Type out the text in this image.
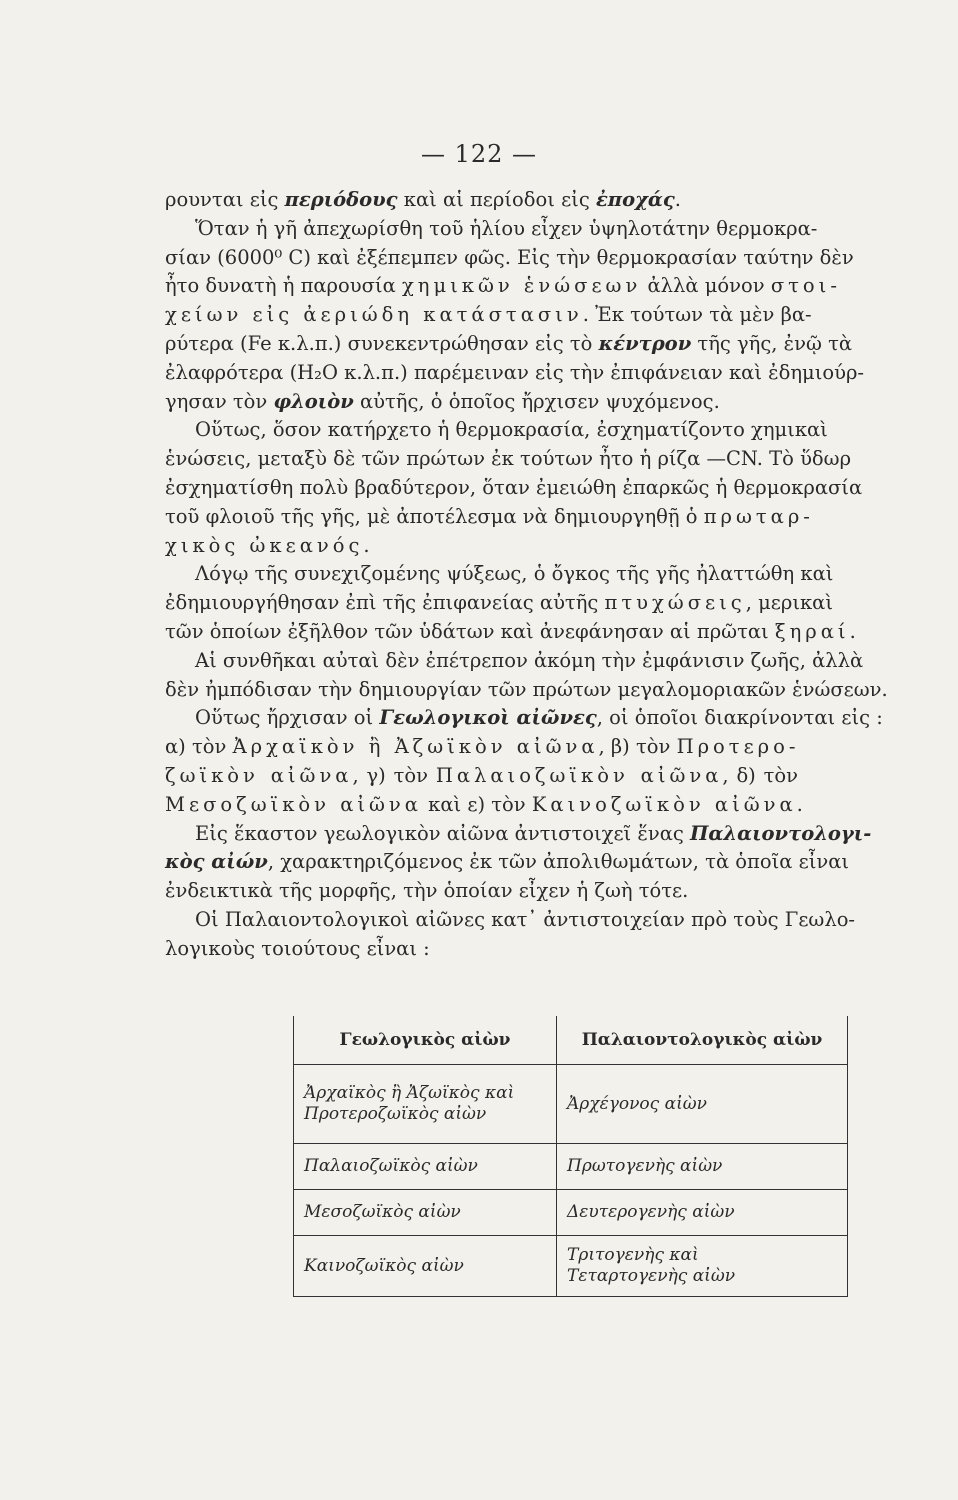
— 122 —
ρουνται εἰς περιόδους καὶ αἱ περίοδοι εἰς ἐποχάς.
Ὅταν ἡ γῆ ἀπεχωρίσθη τοῦ ἡλίου εἶχεν ὑψηλοτάτην θερμοκρα-
σίαν (6000⁰ C) καὶ ἐξέπεμπεν φῶς. Εἰς τὴν θερμοκρασίαν ταύτην δὲν
ἦτο δυνατὴ ἡ παρουσία χημικῶν ἑνώσεων ἀλλὰ μόνον στοι-
χείων εἰς ἀεριώδη κατάστασιν. Ἐκ τούτων τὰ μὲν βα-
ρύτερα (Fe κ.λ.π.) συνεκεντρώθησαν εἰς τὸ κέντρον τῆς γῆς, ἐνῷ τὰ
ἐλαφρότερα (H₂O κ.λ.π.) παρέμειναν εἰς τὴν ἐπιφάνειαν καὶ ἐδημιούρ-
γησαν τὸν φλοιὸν αὐτῆς, ὁ ὁποῖος ἤρχισεν ψυχόμενος.
Οὕτως, ὅσον κατήρχετο ἡ θερμοκρασία, ἐσχηματίζοντο χημικαὶ
ἑνώσεις, μεταξὺ δὲ τῶν πρώτων ἐκ τούτων ἦτο ἡ ρίζα —CN. Τὸ ὕδωρ
ἐσχηματίσθη πολὺ βραδύτερον, ὅταν ἐμειώθη ἐπαρκῶς ἡ θερμοκρασία
τοῦ φλοιοῦ τῆς γῆς, μὲ ἀποτέλεσμα νὰ δημιουργηθῇ ὁ πρωταρ-
χικὸς ὠκεανός.
Λόγῳ τῆς συνεχιζομένης ψύξεως, ὁ ὄγκος τῆς γῆς ἠλαττώθη καὶ
ἐδημιουργήθησαν ἐπὶ τῆς ἐπιφανείας αὐτῆς πτυχώσεις, μερικαὶ
τῶν ὁποίων ἐξῆλθον τῶν ὑδάτων καὶ ἀνεφάνησαν αἱ πρῶται ξηραί.
Αἱ συνθῆκαι αὐταὶ δὲν ἐπέτρεπον ἀκόμη τὴν ἐμφάνισιν ζωῆς, ἀλλὰ
δὲν ἠμπόδισαν τὴν δημιουργίαν τῶν πρώτων μεγαλομοριακῶν ἑνώσεων.
Οὕτως ἤρχισαν οἱ Γεωλογικοὶ αἰῶνες, οἱ ὁποῖοι διακρίνονται εἰς :
α) τὸν Ἀρχαϊκὸν ἢ Ἀζωϊκὸν αἰῶνα, β) τὸν Προτερο-
ζωϊκὸν αἰῶνα, γ) τὸν Παλαιοζωϊκὸν αἰῶνα, δ) τὸν
Μεσοζωϊκὸν αἰῶνα καὶ ε) τὸν Καινοζωϊκὸν αἰῶνα.
Εἰς ἕκαστον γεωλογικὸν αἰῶνα ἀντιστοιχεῖ ἕνας Παλαιοντολογι-
κὸς αἰών, χαρακτηριζόμενος ἐκ τῶν ἀπολιθωμάτων, τὰ ὁποῖα εἶναι
ἐνδεικτικὰ τῆς μορφῆς, τὴν ὁποίαν εἶχεν ἡ ζωὴ τότε.
Οἱ Παλαιοντολογικοὶ αἰῶνες κατ᾽ ἀντιστοιχείαν πρὸ τοὺς Γεωλο-
λογικοὺς τοιούτους εἶναι :
Γεωλογικὸς αἰὼν	Παλαιοντολογικὸς αἰὼν

Ἀρχαϊκὸς ἢ Ἀζωϊκὸς καὶ
Προτεροζωϊκὸς αἰὼν	Ἀρχέγονος αἰὼν

Παλαιοζωϊκὸς αἰὼν	Πρωτογενὴς αἰὼν

Μεσοζωϊκὸς αἰὼν	Δευτερογενὴς αἰὼν

Καινοζωϊκὸς αἰὼν	Τριτογενὴς καὶ
Τεταρτογενὴς αἰὼν
